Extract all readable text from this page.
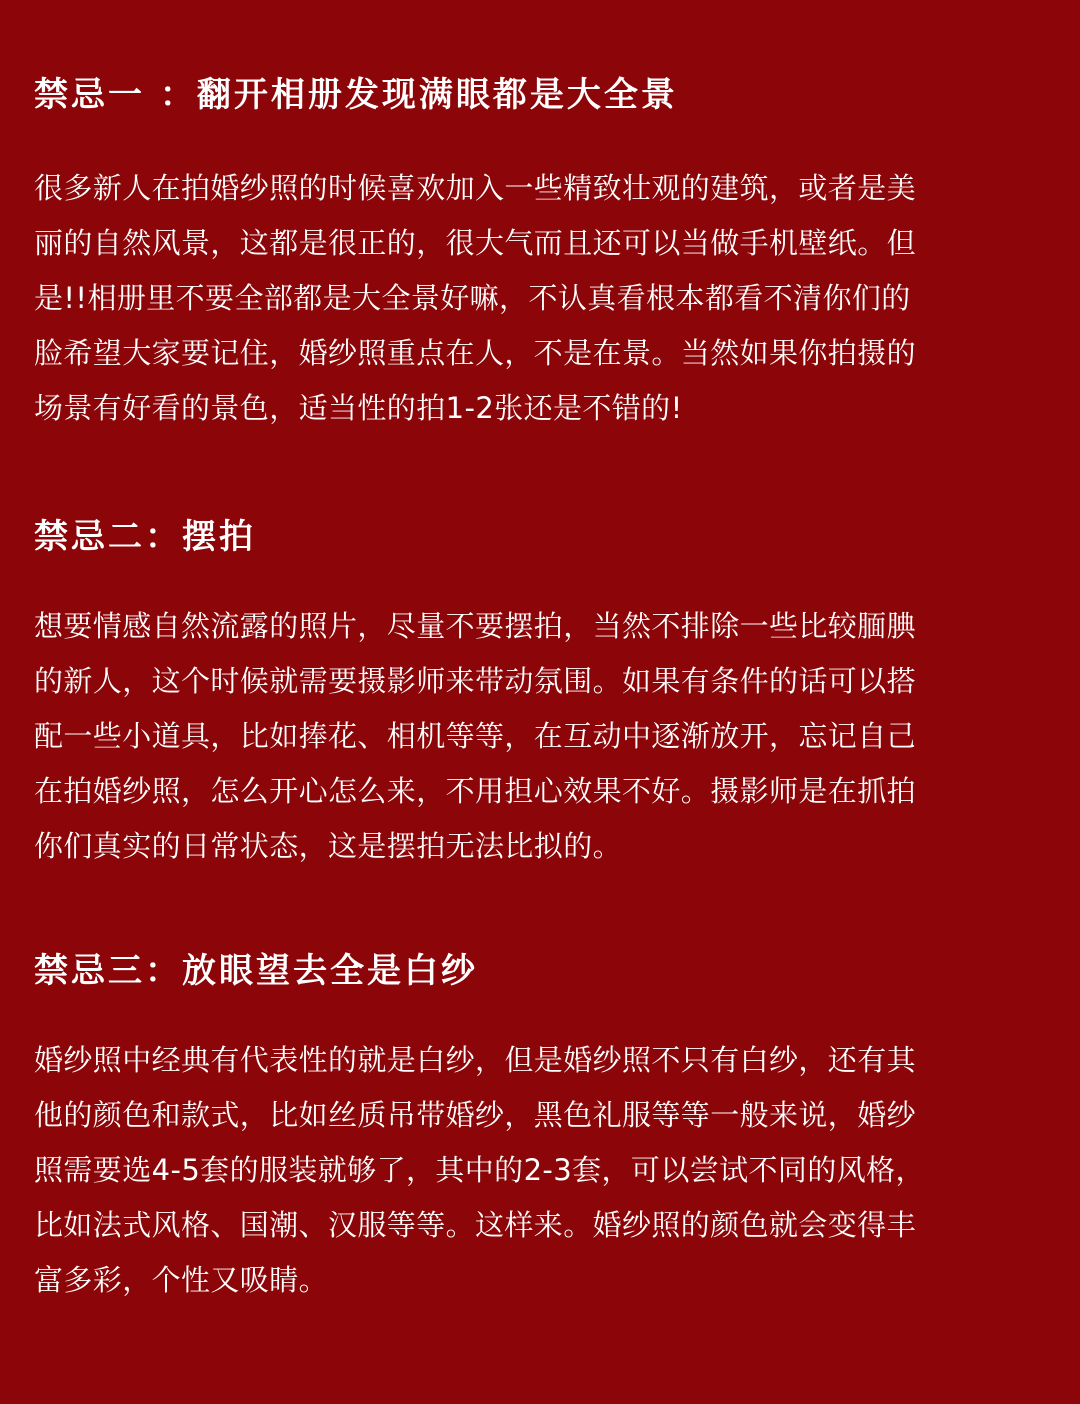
禁忌一 ：翻开相册发现满眼都是大全景

很多新人在拍婚纱照的时候喜欢加入一些精致壮观的建筑，或者是美
丽的自然风景，这都是很正的，很大气而且还可以当做手机壁纸。但
是!!相册里不要全部都是大全景好嘛，不认真看根本都看不清你们的
脸希望大家要记住，婚纱照重点在人，不是在景。当然如果你拍摄的
场景有好看的景色，适当性的拍1-2张还是不错的!

禁忌二：摆拍

想要情感自然流露的照片，尽量不要摆拍，当然不排除一些比较腼腆
的新人，这个时候就需要摄影师来带动氛围。如果有条件的话可以搭
配一些小道具，比如捧花、相机等等，在互动中逐渐放开，忘记自己
在拍婚纱照，怎么开心怎么来，不用担心效果不好。摄影师是在抓拍
你们真实的日常状态，这是摆拍无法比拟的。

禁忌三：放眼望去全是白纱

婚纱照中经典有代表性的就是白纱，但是婚纱照不只有白纱，还有其
他的颜色和款式，比如丝质吊带婚纱，黑色礼服等等一般来说，婚纱
照需要选4-5套的服装就够了，其中的2-3套，可以尝试不同的风格，
比如法式风格、国潮、汉服等等。这样来。婚纱照的颜色就会变得丰
富多彩，个性又吸睛。
